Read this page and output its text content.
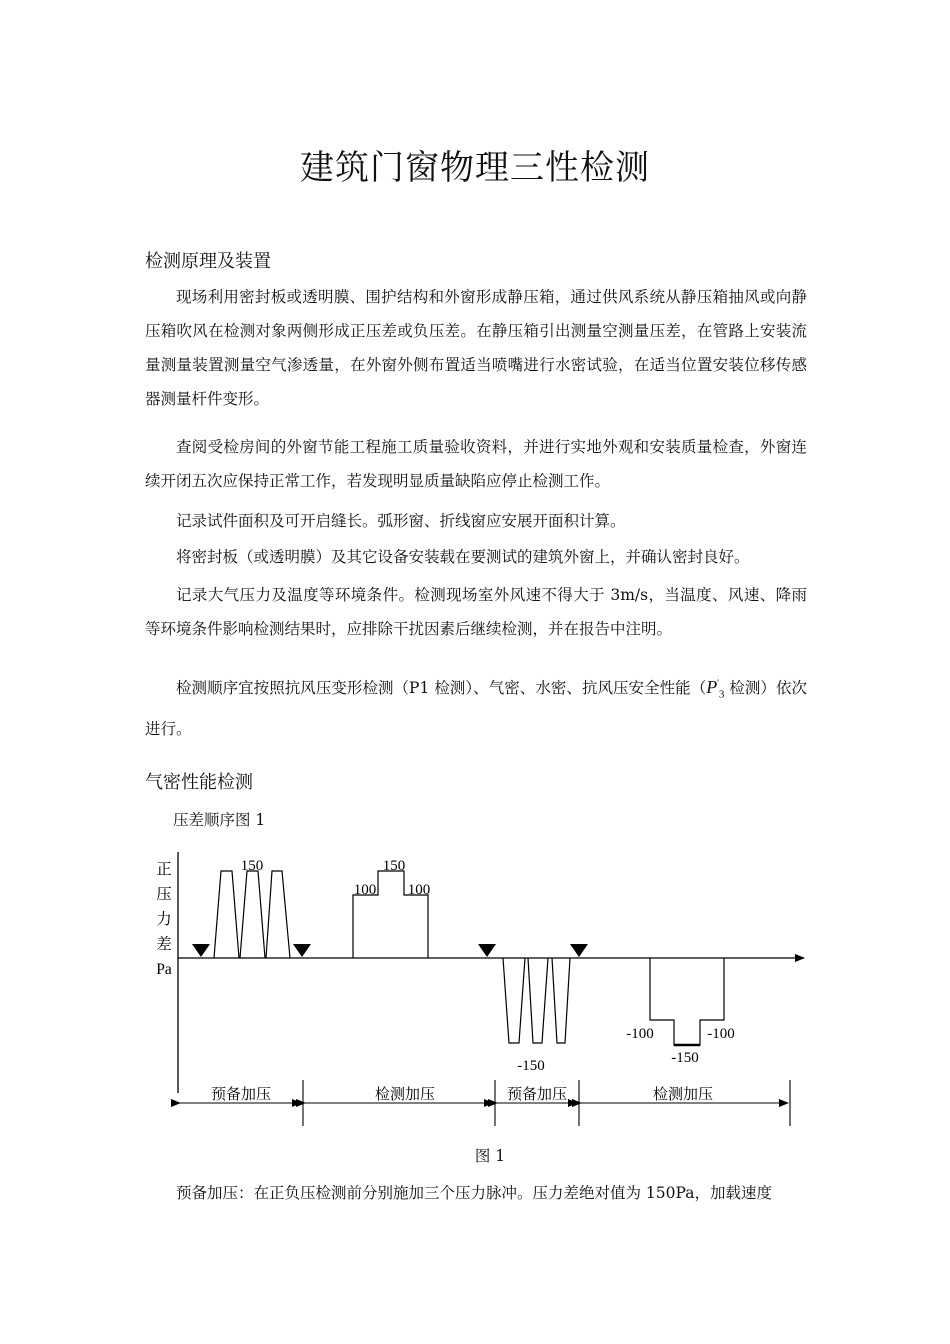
建筑门窗物理三性检测
检测原理及装置

现场利用密封板或透明膜、围护结构和外窗形成静压箱，通过供风系统从静压箱抽风或向静压箱吹风在检测对象两侧形成正压差或负压差。在静压箱引出测量空测量压差，在管路上安装流量测量装置测量空气渗透量，在外窗外侧布置适当喷嘴进行水密试验，在适当位置安装位移传感器测量杆件变形。

查阅受检房间的外窗节能工程施工质量验收资料，并进行实地外观和安装质量检查，外窗连续开闭五次应保持正常工作，若发现明显质量缺陷应停止检测工作。

记录试件面积及可开启缝长。弧形窗、折线窗应安展开面积计算。

将密封板（或透明膜）及其它设备安装载在要测试的建筑外窗上，并确认密封良好。

记录大气压力及温度等环境条件。检测现场室外风速不得大于 3m/s，当温度、风速、降雨等环境条件影响检测结果时，应排除干扰因素后继续检测，并在报告中注明。

检测顺序宜按照抗风压变形检测（P1 检测）、气密、水密、抗风压安全性能（$P'_3$ 检测）依次进行。

气密性能检测
压差顺序图 1
正
压
力
差
Pa
150	150
100 100
-150
-100	-100
-150
预备加压	检测加压	预备加压	检测加压
图 1

预备加压：在正负压检测前分别施加三个压力脉冲。压力差绝对值为 150Pa，加载速度
